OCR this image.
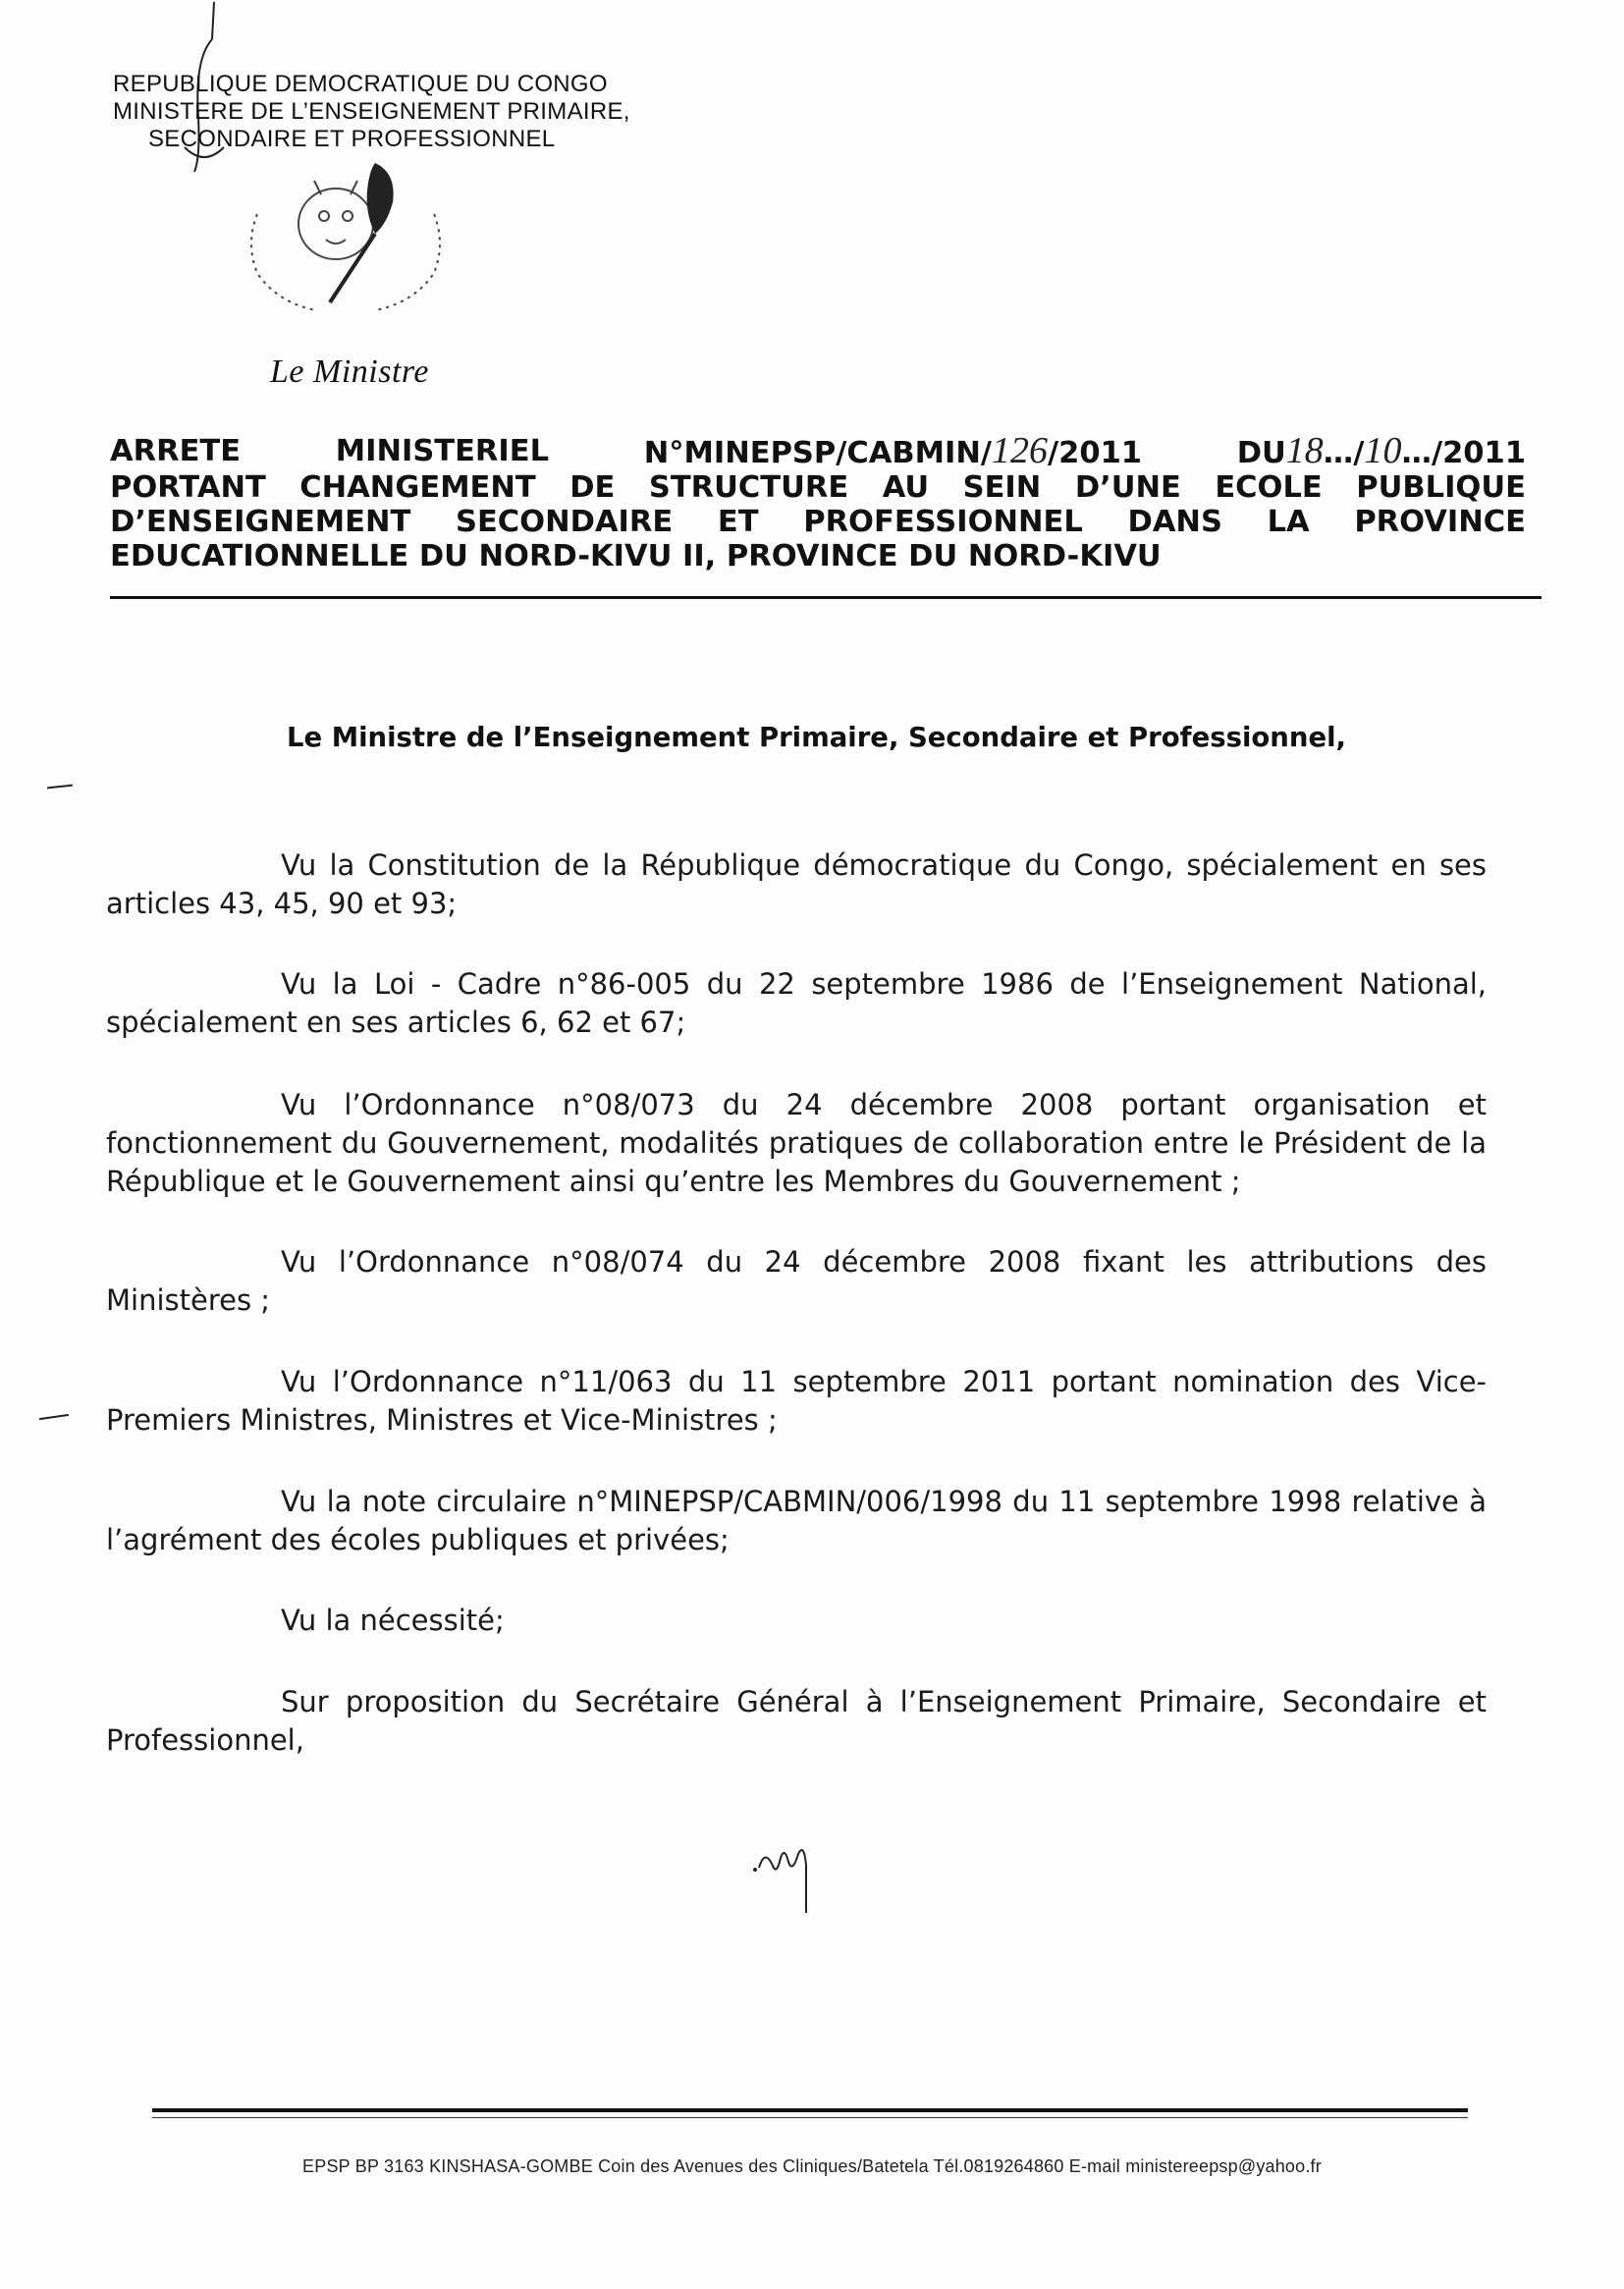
REPUBLIQUE DEMOCRATIQUE DU CONGO
MINISTERE DE L’ENSEIGNEMENT PRIMAIRE,
SECONDAIRE ET PROFESSIONNEL
Le Ministre
ARRETE	MINISTERIEL	N°MINEPSP/CABMIN/ 126 /2011	DU 18 …/ 10 …/2011
PORTANT CHANGEMENT DE STRUCTURE AU SEIN D’UNE ECOLE PUBLIQUE
D’ENSEIGNEMENT SECONDAIRE ET PROFESSIONNEL DANS LA PROVINCE
EDUCATIONNELLE DU NORD-KIVU II, PROVINCE DU NORD-KIVU
Le Ministre de l’Enseignement Primaire, Secondaire et Professionnel,

Vu la Constitution de la République démocratique du Congo, spécialement en ses articles 43, 45, 90 et 93;

Vu la Loi - Cadre n°86-005 du 22 septembre 1986 de l’Enseignement National, spécialement en ses articles 6, 62 et 67;

Vu l’Ordonnance n°08/073 du 24 décembre 2008 portant organisation et fonctionnement du Gouvernement, modalités pratiques de collaboration entre le Président de la République et le Gouvernement ainsi qu’entre les Membres du Gouvernement ;

Vu l’Ordonnance n°08/074 du 24 décembre 2008 fixant les attributions des Ministères ;

Vu l’Ordonnance n°11/063 du 11 septembre 2011 portant nomination des Vice-Premiers Ministres, Ministres et Vice-Ministres ;

Vu la note circulaire n°MINEPSP/CABMIN/006/1998 du 11 septembre 1998 relative à l’agrément des écoles publiques et privées;

Vu la nécessité;

Sur proposition du Secrétaire Général à l’Enseignement Primaire, Secondaire et Professionnel,

EPSP BP 3163 KINSHASA-GOMBE Coin des Avenues des Cliniques/Batetela Tél.0819264860 E-mail ministereepsp@yahoo.fr
